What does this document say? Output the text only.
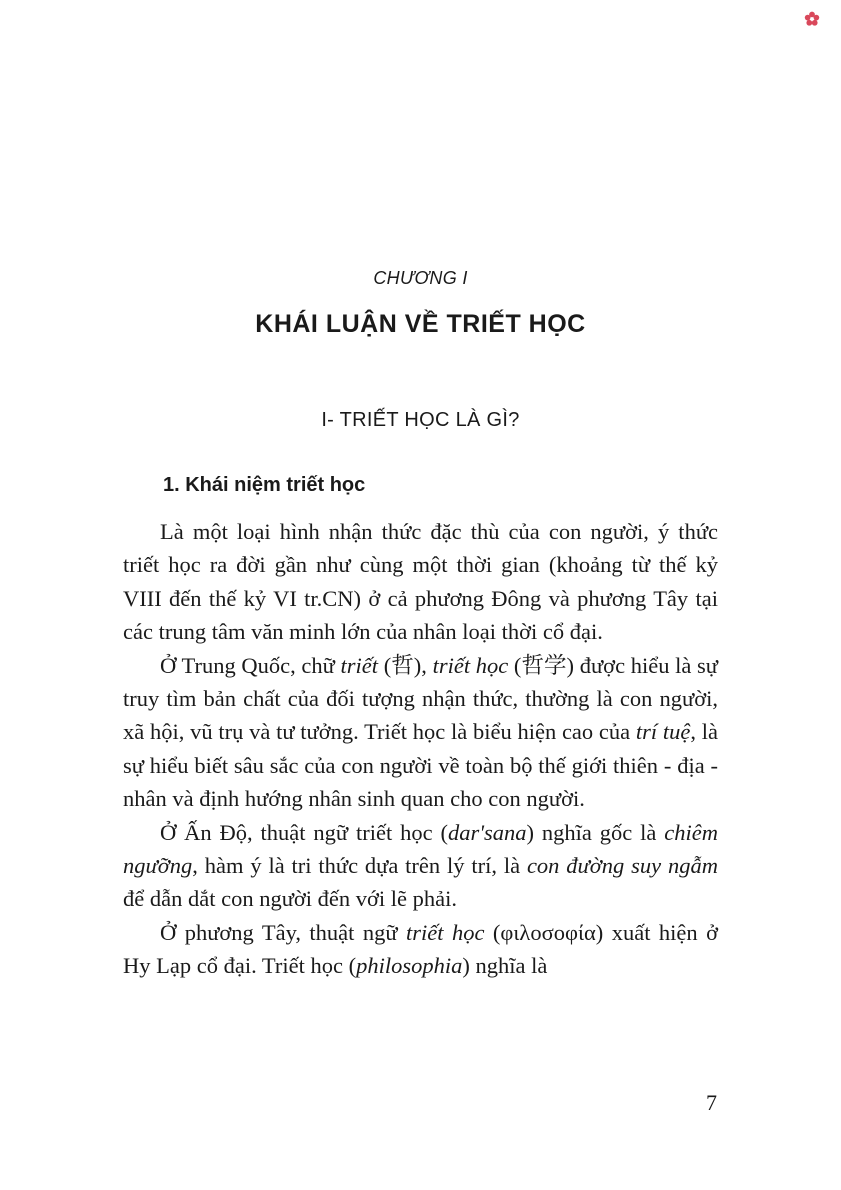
CHƯƠNG I
KHÁI LUẬN VỀ TRIẾT HỌC
I- TRIẾT HỌC LÀ GÌ?
1. Khái niệm triết học

Là một loại hình nhận thức đặc thù của con người, ý thức triết học ra đời gần như cùng một thời gian (khoảng từ thế kỷ VIII đến thế kỷ VI tr.CN) ở cả phương Đông và phương Tây tại các trung tâm văn minh lớn của nhân loại thời cổ đại.

Ở Trung Quốc, chữ triết (哲), triết học (哲学) được hiểu là sự truy tìm bản chất của đối tượng nhận thức, thường là con người, xã hội, vũ trụ và tư tưởng. Triết học là biểu hiện cao của trí tuệ, là sự hiểu biết sâu sắc của con người về toàn bộ thế giới thiên - địa - nhân và định hướng nhân sinh quan cho con người.

Ở Ấn Độ, thuật ngữ triết học (dar'sana) nghĩa gốc là chiêm ngưỡng, hàm ý là tri thức dựa trên lý trí, là con đường suy ngẫm để dẫn dắt con người đến với lẽ phải.

Ở phương Tây, thuật ngữ triết học (φιλοσοφία) xuất hiện ở Hy Lạp cổ đại. Triết học (philosophia) nghĩa là

7
